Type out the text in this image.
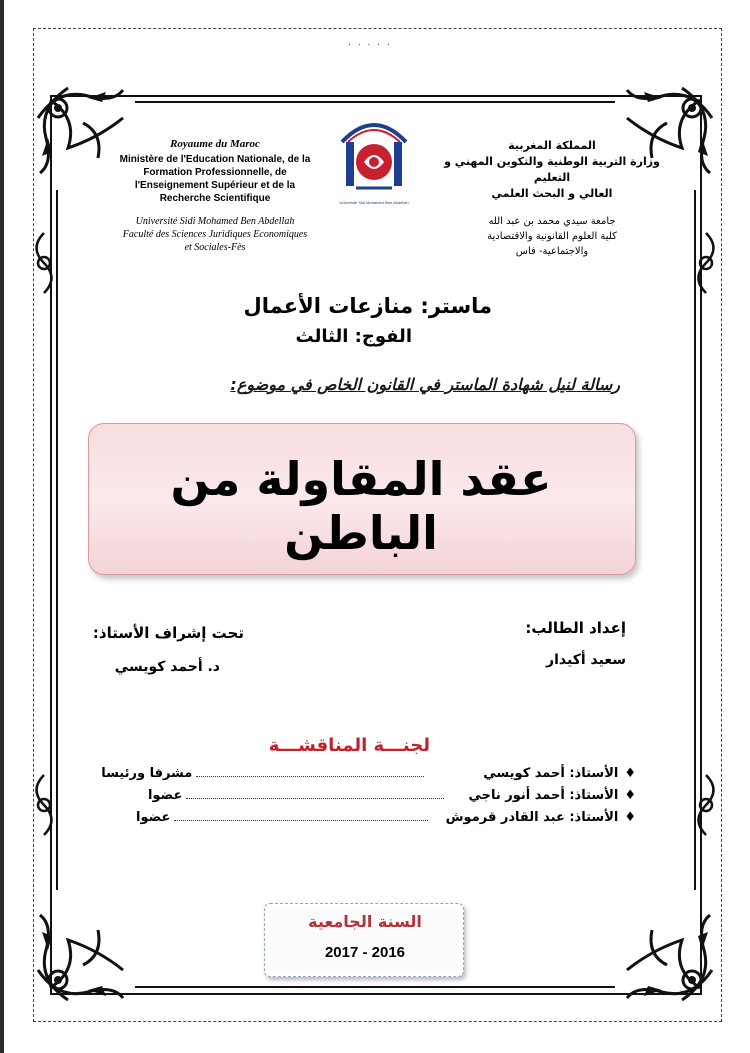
. . . . .
Royaume du Maroc
Ministère de l'Education Nationale, de la
Formation Professionnelle, de
l'Enseignement Supérieur et de la
Recherche Scientifique
Université Sidi Mohamed Ben Abdellah
Faculté des Sciences Juridiques Economiques
et Sociales-Fès
Université Sidi Mohamed Ben Abdellah
المملكة المغربية
وزارة التربية الوطنية والتكوين المهني و التعليم
العالي و البحث العلمي
جامعة سيدي محمد بن عبد الله
كلية العلوم القانونية والاقتصادية
والاجتماعية- فاس
ماستر: منازعات الأعمال
الفوج: الثالث
رسالة لنيل شهادة الماستر في القانون الخاص في موضوع:
عقد المقاولة من الباطن
إعداد الطالب:
سعيد أكيدار
تحت إشراف الأستاذ:
د. أحمد كويسي
لجنـــة المناقشـــة
♦
الأستاذ: أحمد كويسي
مشرفا ورئيسا
♦
الأستاذ: أحمد أنور ناجي
عضوا
♦
الأستاذ: عبد القادر قرموش
عضوا
السنة الجامعية
2017 - 2016
